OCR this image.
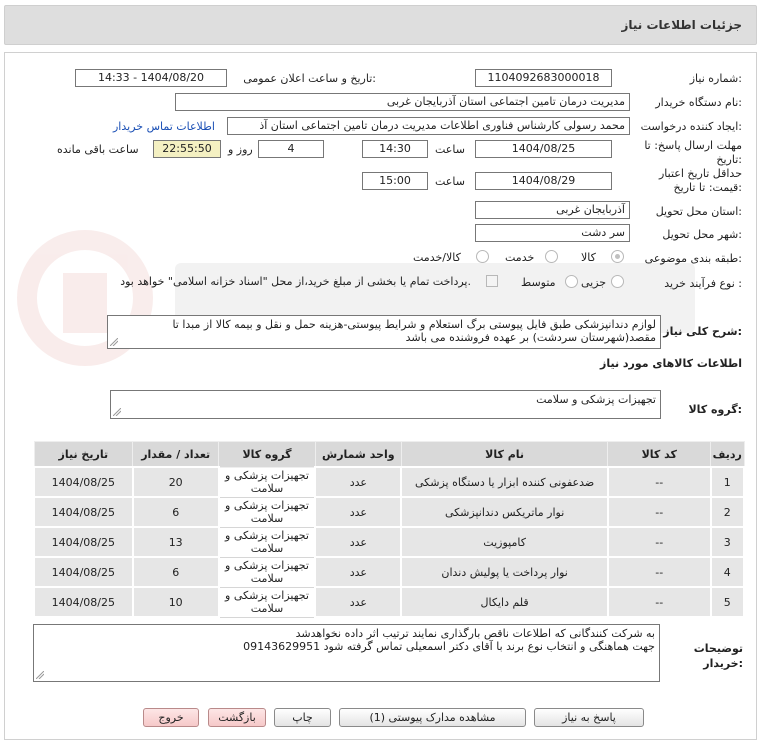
جزئیات اطلاعات نیاز
شماره نیاز:
1104092683000018
تاریخ و ساعت اعلان عمومی:
1404/08/20 - 14:33
نام دستگاه خریدار:
مدیریت درمان تامین اجتماعی استان آذربایجان غربی
ایجاد کننده درخواست:
محمد رسولی کارشناس فناوری اطلاعات مدیریت درمان تامین اجتماعی استان آذ
اطلاعات تماس خریدار
مهلت ارسال پاسخ: تا
تاریخ:
1404/08/25
ساعت
14:30
4
روز و
22:55:50
ساعت باقی مانده
حداقل تاریخ اعتبار
قیمت: تا تاریخ:
1404/08/29
ساعت
15:00
استان محل تحویل:
آذربایجان غربی
شهر محل تحویل:
سر دشت
طبقه بندی موضوعی:
کالا
خدمت
کالا/خدمت
نوع فرآیند خرید :
جزیی
متوسط
پرداخت تمام یا بخشی از مبلغ خرید،از محل "اسناد خزانه اسلامی" خواهد بود.
شرح کلی نیاز:
لوازم دندانپزشکی طبق فایل پیوستی برگ استعلام و شرایط پیوستی-هزینه حمل و نقل و بیمه کالا از مبدا تا مقصد(شهرستان سردشت) بر عهده فروشنده می باشد
اطلاعات کالاهای مورد نیاز
گروه کالا:
تجهیزات پزشکی و سلامت
ردیف	کد کالا	نام کالا	واحد شمارش	گروه کالا	تعداد / مقدار	تاریخ نیاز
1	--	ضدعفونی کننده ابزار یا دستگاه پزشکی	عدد	تجهیزات پزشکی و سلامت	20	1404/08/25
2	--	نوار ماتریکس دندانپزشکی	عدد	تجهیزات پزشکی و سلامت	6	1404/08/25
3	--	کامپوزیت	عدد	تجهیزات پزشکی و سلامت	13	1404/08/25
4	--	نوار پرداخت یا پولیش دندان	عدد	تجهیزات پزشکی و سلامت	6	1404/08/25
5	--	قلم دایکال	عدد	تجهیزات پزشکی و سلامت	10	1404/08/25
توضیحات
خریدار:
به شرکت کنندگانی که اطلاعات ناقص بارگذاری نمایند ترتیب اثر داده نخواهدشد
جهت هماهنگی و انتخاب نوع برند با آقای دکتر اسمعیلی تماس گرفته شود 09143629951
پاسخ به نیاز
مشاهده مدارک پیوستی (1)
چاپ
بازگشت
خروج
